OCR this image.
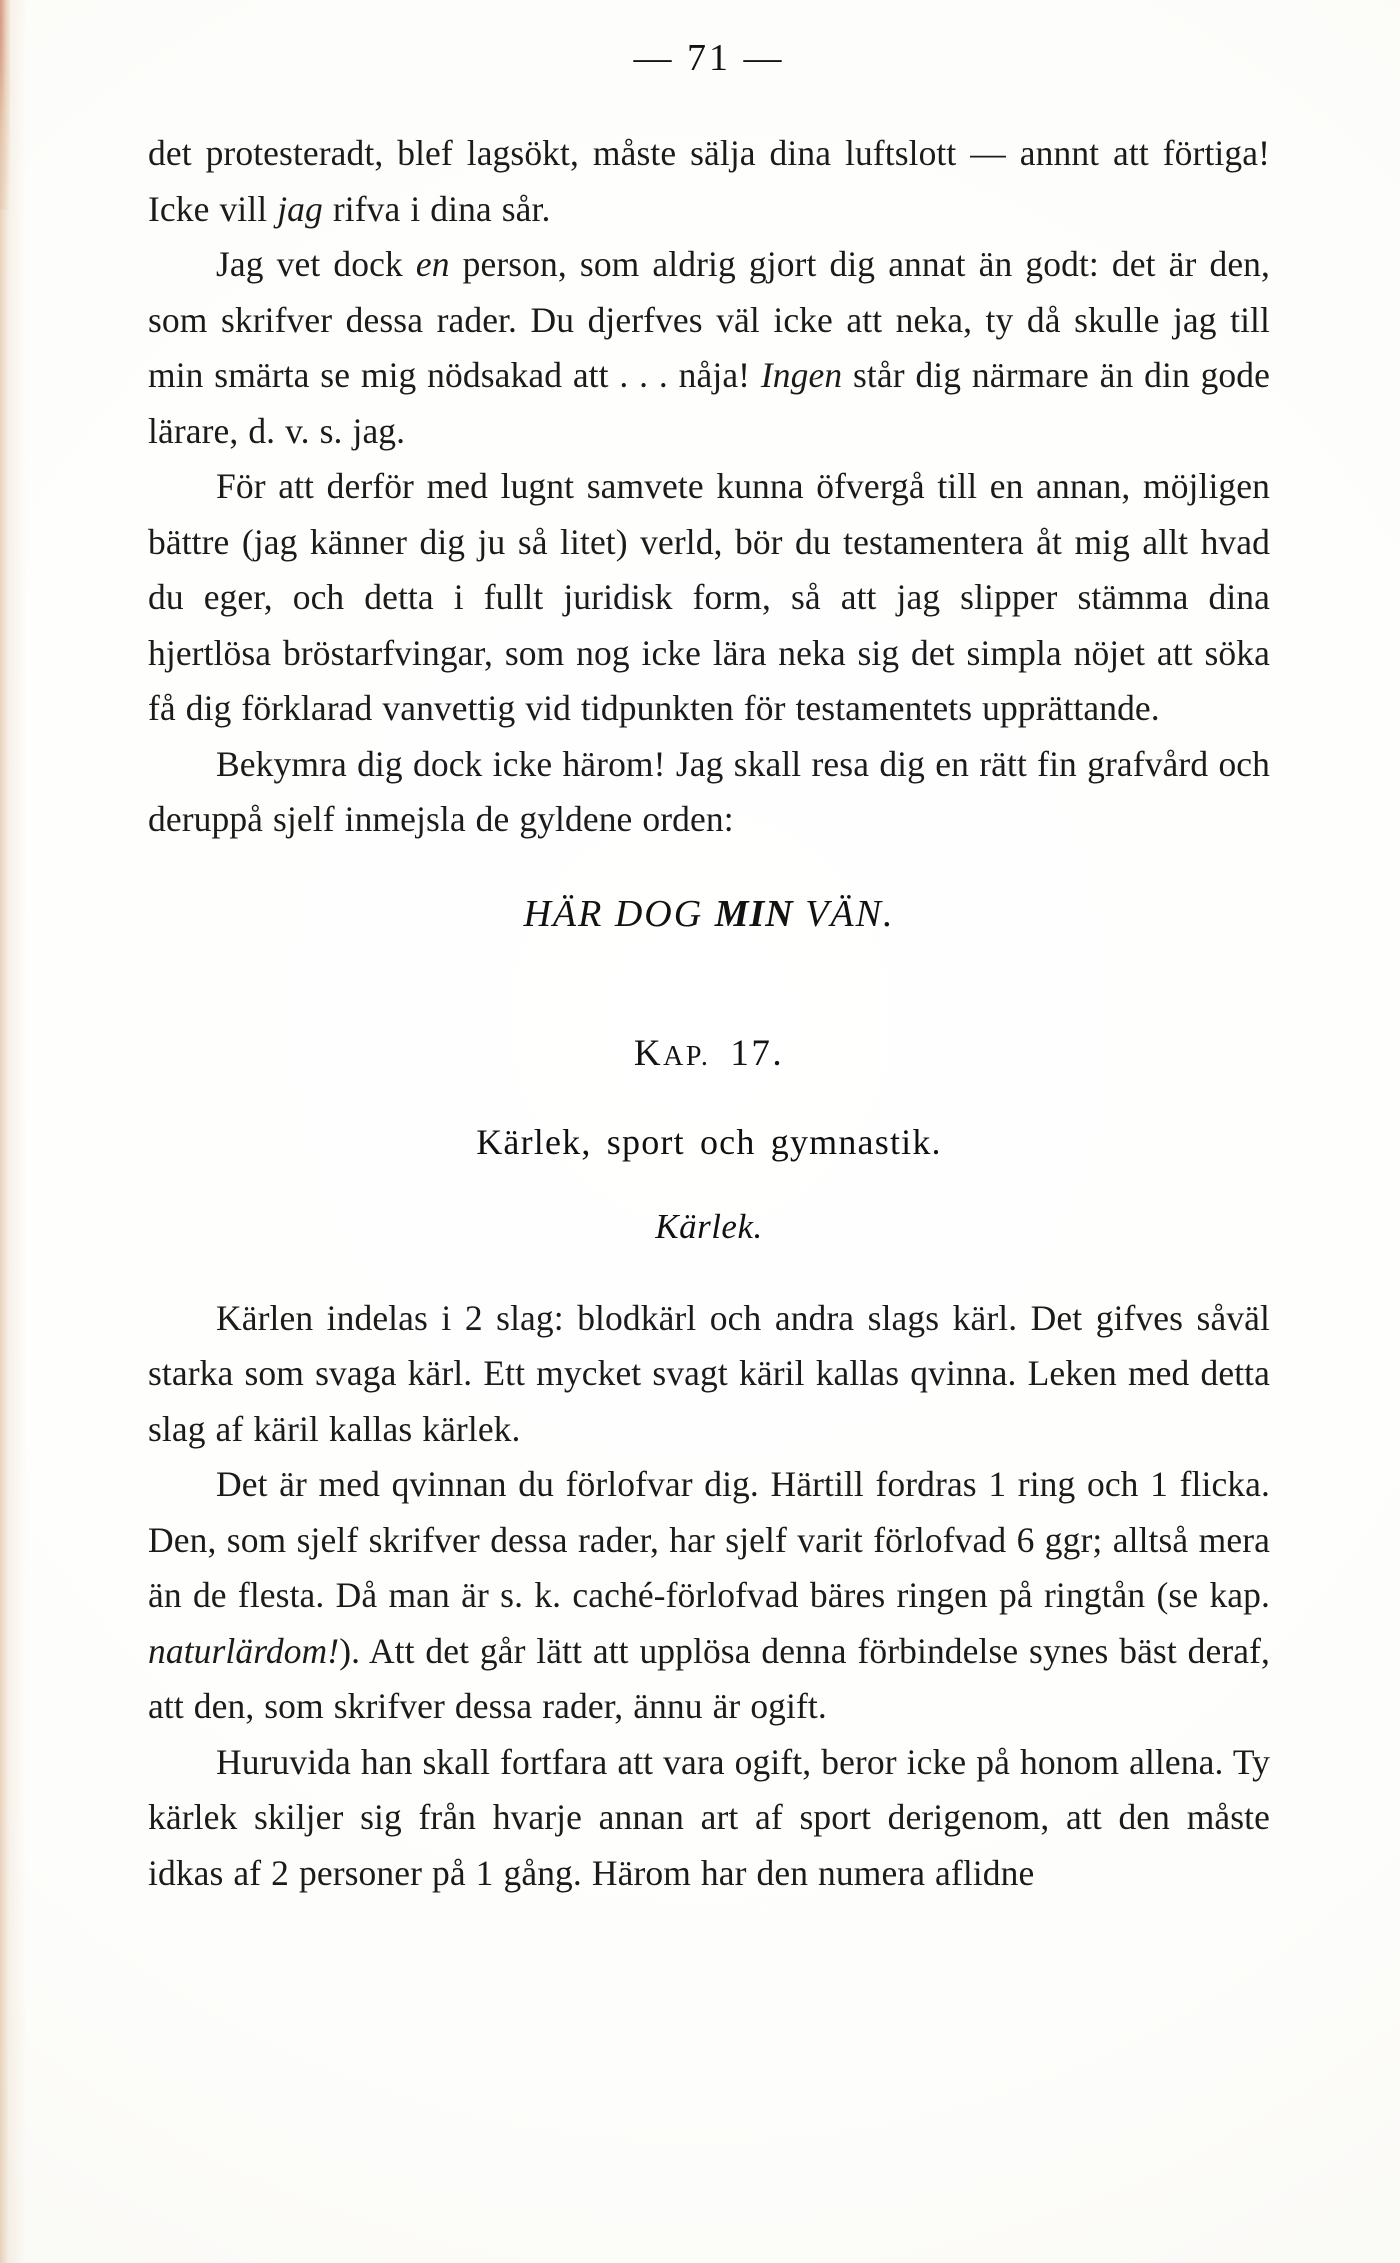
— 71 —

det protesteradt, blef lagsökt, måste sälja dina luftslott — annnt att förtiga! Icke vill jag rifva i dina sår.

Jag vet dock en person, som aldrig gjort dig annat än godt: det är den, som skrifver dessa rader. Du djerfves väl icke att neka, ty då skulle jag till min smärta se mig nödsakad att . . . nåja! Ingen står dig närmare än din gode lärare, d. v. s. jag.

För att derför med lugnt samvete kunna öfvergå till en annan, möjligen bättre (jag känner dig ju så litet) verld, bör du testamentera åt mig allt hvad du eger, och detta i fullt juridisk form, så att jag slipper stämma dina hjertlösa bröstarfvingar, som nog icke lära neka sig det simpla nöjet att söka få dig förklarad vanvettig vid tidpunkten för testamentets upprättande.

Bekymra dig dock icke härom! Jag skall resa dig en rätt fin grafvård och deruppå sjelf inmejsla de gyldene orden:

HÄR DOG MIN VÄN.
KAP. 17.
Kärlek, sport och gymnastik.
Kärlek.

Kärlen indelas i 2 slag: blodkärl och andra slags kärl. Det gifves såväl starka som svaga kärl. Ett mycket svagt käril kallas qvinna. Leken med detta slag af käril kallas kärlek.

Det är med qvinnan du förlofvar dig. Härtill fordras 1 ring och 1 flicka. Den, som sjelf skrifver dessa rader, har sjelf varit förlofvad 6 ggr; alltså mera än de flesta. Då man är s. k. caché-förlofvad bäres ringen på ringtån (se kap. naturlärdom!). Att det går lätt att upplösa denna förbindelse synes bäst deraf, att den, som skrifver dessa rader, ännu är ogift.

Huruvida han skall fortfara att vara ogift, beror icke på honom allena. Ty kärlek skiljer sig från hvarje annan art af sport derigenom, att den måste idkas af 2 personer på 1 gång. Härom har den numera aflidne
